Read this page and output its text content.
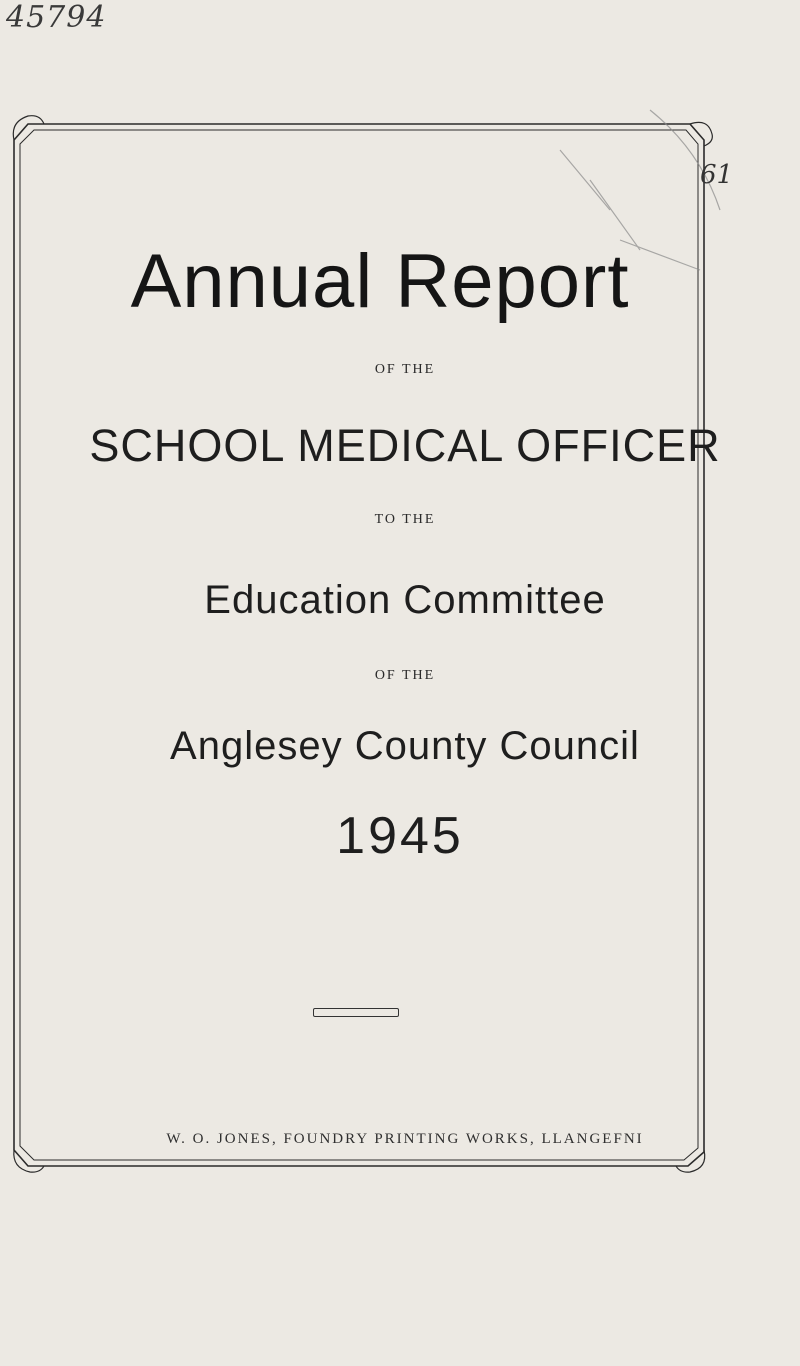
45794
61
Annual Report
OF THE
SCHOOL MEDICAL OFFICER
TO THE
Education Committee
OF THE
Anglesey County Council
1945
W. O. JONES, FOUNDRY PRINTING WORKS, LLANGEFNI
